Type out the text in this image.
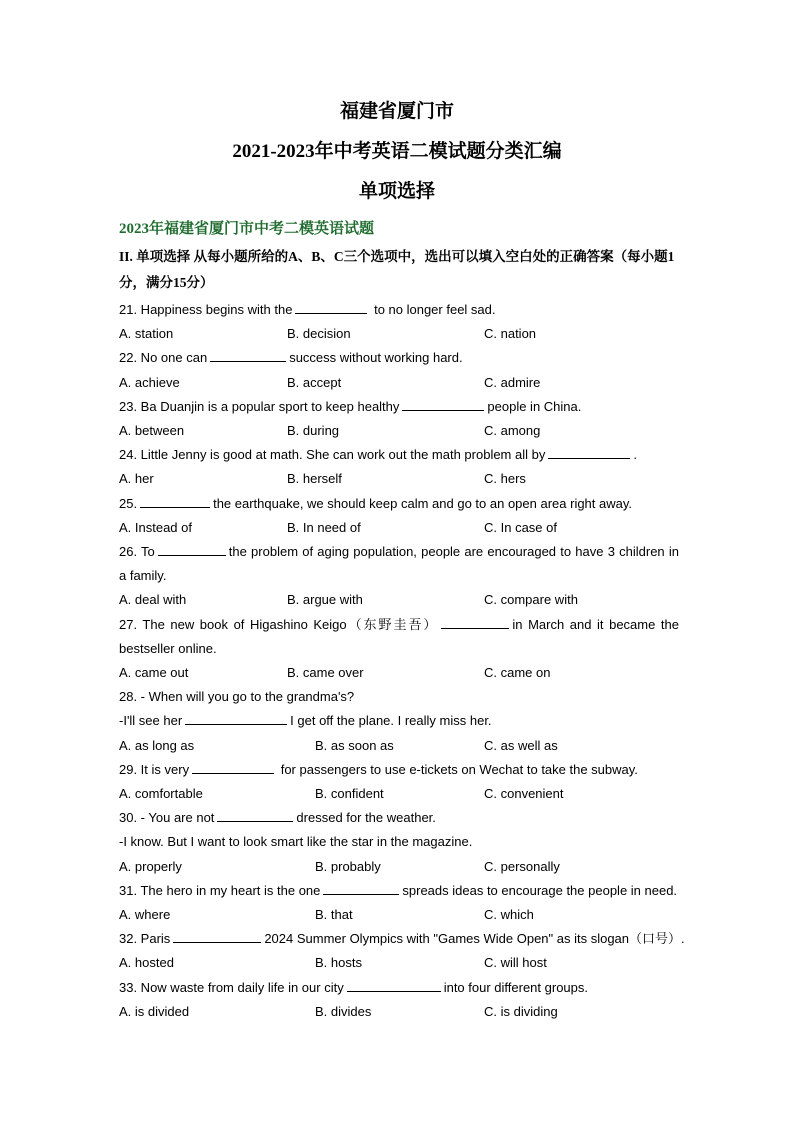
福建省厦门市
2021-2023年中考英语二模试题分类汇编
单项选择
2023年福建省厦门市中考二模英语试题
II. 单项选择 从每小题所给的A、B、C三个选项中，选出可以填入空白处的正确答案（每小题1分，满分15分）
21. Happiness begins with the	to no longer feel sad.
A. station	B. decision	C. nation
22. No one can	success without working hard.
A. achieve	B. accept	C. admire
23. Ba Duanjin is a popular sport to keep healthy	people in China.
A. between	B. during	C. among
24. Little Jenny is good at math. She can work out the math problem all by	.
A. her	B. herself	C. hers
25.	the earthquake, we should keep calm and go to an open area right away.
A. Instead of	B. In need of	C. In case of
26. To	the problem of aging population, people are encouraged to have 3 children in a family.
A. deal with	B. argue with	C. compare with
27. The new book of Higashino Keigo（东野圭吾）	in March and it became the bestseller online.
A. came out	B. came over	C. came on
28. - When will you go to the grandma's?
-I'll see her	I get off the plane. I really miss her.
A. as long as	B. as soon as	C. as well as
29. It is very	for passengers to use e-tickets on Wechat to take the subway.
A. comfortable	B. confident	C. convenient
30. - You are not	dressed for the weather.
-I know. But I want to look smart like the star in the magazine.
A. properly	B. probably	C. personally
31. The hero in my heart is the one	spreads ideas to encourage the people in need.
A. where	B. that	C. which
32. Paris	2024 Summer Olympics with "Games Wide Open" as its slogan（口号）.
A. hosted	B. hosts	C. will host
33. Now waste from daily life in our city	into four different groups.
A. is divided	B. divides	C. is dividing
